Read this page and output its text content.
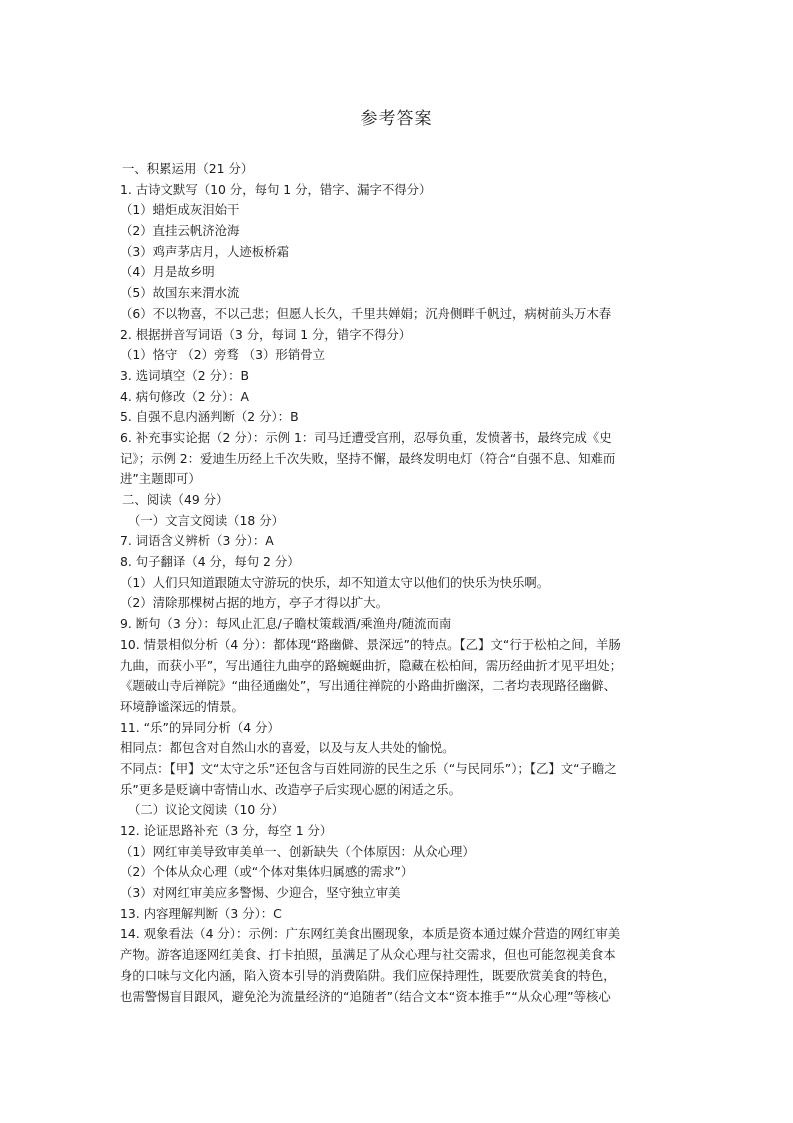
参考答案
一、积累运用（21 分）
1. 古诗文默写（10 分，每句 1 分，错字、漏字不得分）
（1）蜡炬成灰泪始干
（2）直挂云帆济沧海
（3）鸡声茅店月，人迹板桥霜
（4）月是故乡明
（5）故国东来渭水流
（6）不以物喜，不以己悲；但愿人长久，千里共婵娟；沉舟侧畔千帆过，病树前头万木春
2. 根据拼音写词语（3 分，每词 1 分，错字不得分）
（1）恪守 （2）旁骛 （3）形销骨立
3. 选词填空（2 分）：B
4. 病句修改（2 分）：A
5. 自强不息内涵判断（2 分）：B
6. 补充事实论据（2 分）：示例 1：司马迁遭受宫刑，忍辱负重，发愤著书，最终完成《史
记》；示例 2：爱迪生历经上千次失败，坚持不懈，最终发明电灯（符合“自强不息、知难而
进”主题即可）
二、阅读（49 分）
（一）文言文阅读（18 分）
7. 词语含义辨析（3 分）：A
8. 句子翻译（4 分，每句 2 分）
（1）人们只知道跟随太守游玩的快乐，却不知道太守以他们的快乐为快乐啊。
（2）清除那棵树占据的地方，亭子才得以扩大。
9. 断句（3 分）：每风止汇息/子瞻杖策载酒/乘渔舟/随流而南
10. 情景相似分析（4 分）：都体现“路幽僻、景深远”的特点。【乙】文“行于松柏之间，羊肠
九曲，而获小平”，写出通往九曲亭的路蜿蜒曲折，隐藏在松柏间，需历经曲折才见平坦处；
《题破山寺后禅院》“曲径通幽处”，写出通往禅院的小路曲折幽深，二者均表现路径幽僻、
环境静谧深远的情景。
11. “乐”的异同分析（4 分）
相同点：都包含对自然山水的喜爱，以及与友人共处的愉悦。
不同点：【甲】文“太守之乐”还包含与百姓同游的民生之乐（“与民同乐”）；【乙】文“子瞻之
乐”更多是贬谪中寄情山水、改造亭子后实现心愿的闲适之乐。
（二）议论文阅读（10 分）
12. 论证思路补充（3 分，每空 1 分）
（1）网红审美导致审美单一、创新缺失（个体原因：从众心理）
（2）个体从众心理（或“个体对集体归属感的需求”）
（3）对网红审美应多警惕、少迎合，坚守独立审美
13. 内容理解判断（3 分）：C
14. 观象看法（4 分）：示例：广东网红美食出圈现象，本质是资本通过媒介营造的网红审美
产物。游客追逐网红美食、打卡拍照，虽满足了从众心理与社交需求，但也可能忽视美食本
身的口味与文化内涵，陷入资本引导的消费陷阱。我们应保持理性，既要欣赏美食的特色，
也需警惕盲目跟风，避免沦为流量经济的“追随者”（结合文本“资本推手”“从众心理”等核心
